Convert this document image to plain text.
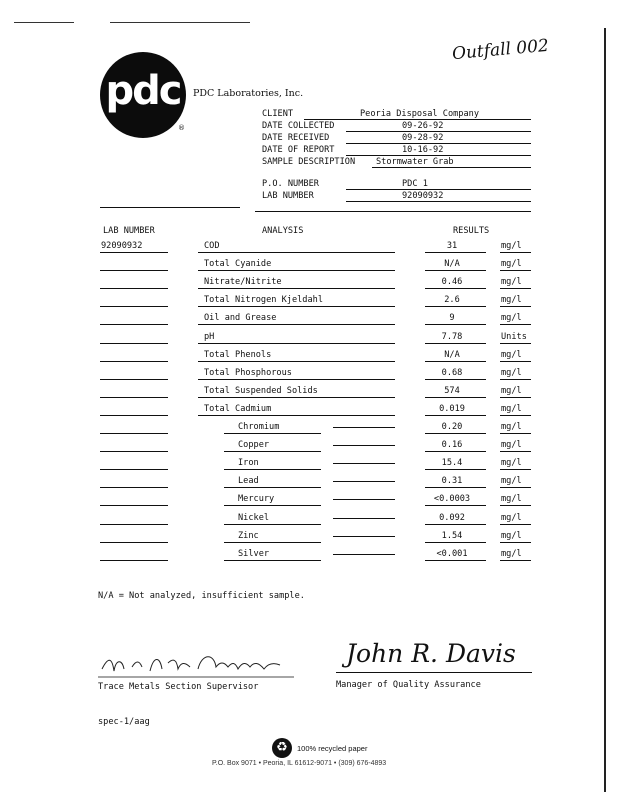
Outfall 002
pdc
®
PDC Laboratories, Inc.
CLIENT	Peoria Disposal Company
DATE COLLECTED	09-26-92
DATE RECEIVED	09-28-92
DATE OF REPORT	10-16-92
SAMPLE DESCRIPTION Stormwater Grab
P.O. NUMBER	PDC 1
LAB NUMBER	92090932
LAB NUMBER	ANALYSIS	RESULTS
92090932	COD	31	mg/l
Total Cyanide	N/A	mg/l
Nitrate/Nitrite	0.46	mg/l
Total Nitrogen Kjeldahl	2.6	mg/l
Oil and Grease	9	mg/l
pH	7.78	Units
Total Phenols	N/A	mg/l
Total Phosphorous	0.68	mg/l
Total Suspended Solids	574	mg/l
Total Cadmium	0.019	mg/l
Chromium	0.20	mg/l
Copper	0.16	mg/l
Iron	15.4	mg/l
Lead	0.31	mg/l
Mercury	<0.0003	mg/l
Nickel	0.092	mg/l
Zinc	1.54	mg/l
Silver	<0.001	mg/l
N/A = Not analyzed, insufficient sample.
Trace Metals Section Supervisor
John R. Davis
Manager of Quality Assurance
spec-1/aag
♻	100% recycled paper
P.O. Box 9071 • Peoria, IL 61612-9071 • (309) 676-4893
